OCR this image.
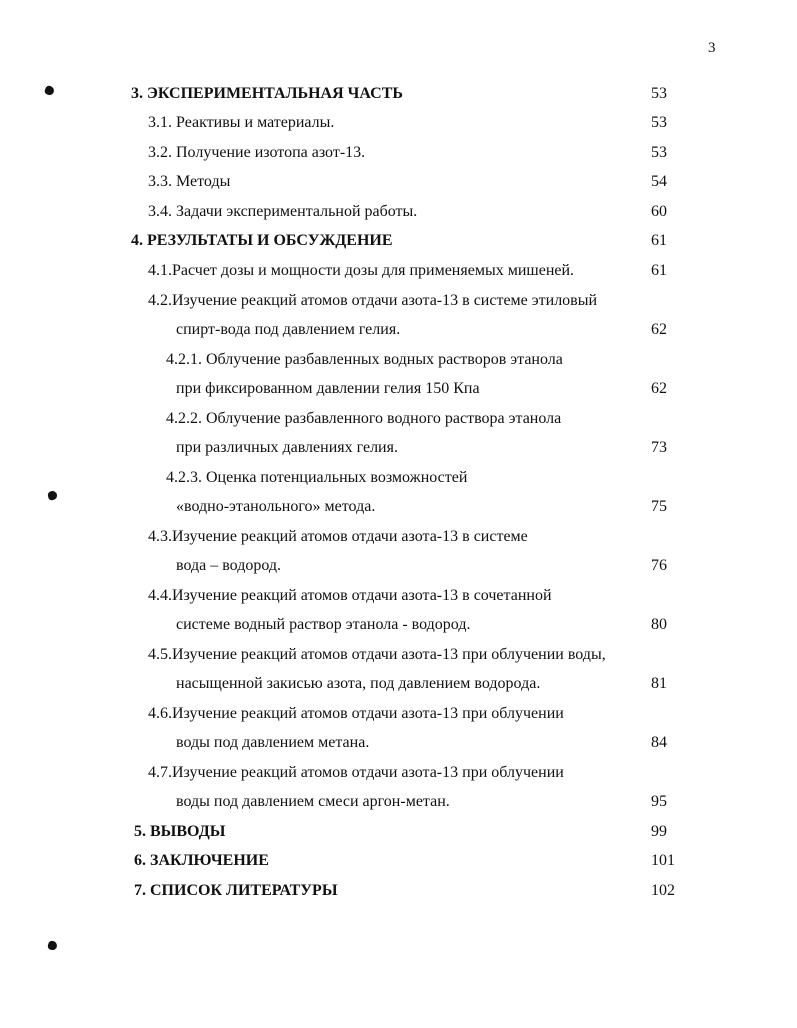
3
3. ЭКСПЕРИМЕНТАЛЬНАЯ ЧАСТЬ	53
3.1. Реактивы и материалы.	53
3.2. Получение изотопа азот-13.	53
3.3. Методы	54
3.4. Задачи экспериментальной работы.	60
4. РЕЗУЛЬТАТЫ И ОБСУЖДЕНИЕ	61
4.1.Расчет дозы и мощности дозы для применяемых мишеней.	61
4.2.Изучение реакций атомов отдачи азота-13 в системе этиловый
спирт-вода под давлением гелия.	62
4.2.1. Облучение разбавленных водных растворов этанола
при фиксированном давлении гелия 150 Кпа	62
4.2.2. Облучение разбавленного водного раствора этанола
при различных давлениях гелия.	73
4.2.3. Оценка потенциальных возможностей
«водно-этанольного» метода.	75
4.3.Изучение реакций атомов отдачи азота-13 в системе
вода – водород.	76
4.4.Изучение реакций атомов отдачи азота-13 в сочетанной
системе водный раствор этанола - водород.	80
4.5.Изучение реакций атомов отдачи азота-13 при облучении воды,
насыщенной закисью азота, под давлением водорода.	81
4.6.Изучение реакций атомов отдачи азота-13 при облучении
воды под давлением метана.	84
4.7.Изучение реакций атомов отдачи азота-13 при облучении
воды под давлением смеси аргон-метан.	95
5. ВЫВОДЫ	99
6. ЗАКЛЮЧЕНИЕ	101
7. СПИСОК ЛИТЕРАТУРЫ	102
